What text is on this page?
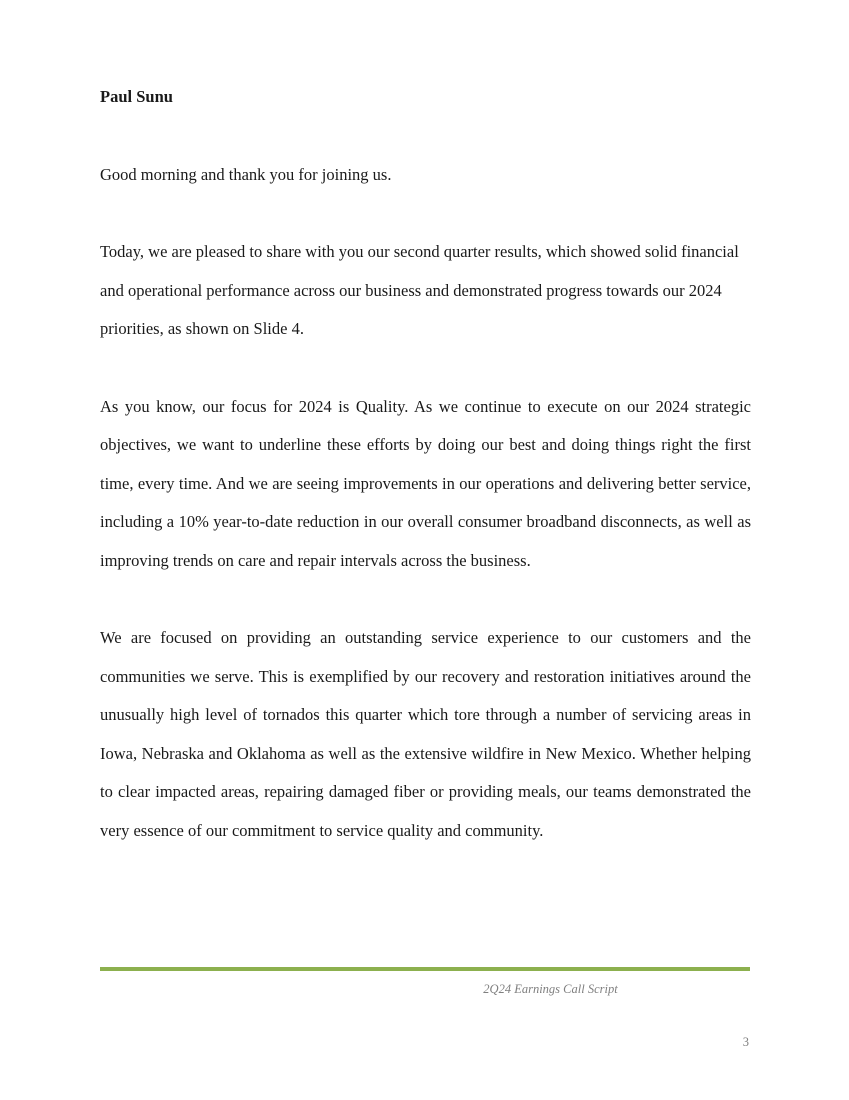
Paul Sunu

Good morning and thank you for joining us.

Today, we are pleased to share with you our second quarter results, which showed solid financial and operational performance across our business and demonstrated progress towards our 2024 priorities, as shown on Slide 4.

As you know, our focus for 2024 is Quality. As we continue to execute on our 2024 strategic objectives, we want to underline these efforts by doing our best and doing things right the first time, every time. And we are seeing improvements in our operations and delivering better service, including a 10% year-to-date reduction in our overall consumer broadband disconnects, as well as improving trends on care and repair intervals across the business.

We are focused on providing an outstanding service experience to our customers and the communities we serve. This is exemplified by our recovery and restoration initiatives around the unusually high level of tornados this quarter which tore through a number of servicing areas in Iowa, Nebraska and Oklahoma as well as the extensive wildfire in New Mexico. Whether helping to clear impacted areas, repairing damaged fiber or providing meals, our teams demonstrated the very essence of our commitment to service quality and community.

2Q24 Earnings Call Script
3
